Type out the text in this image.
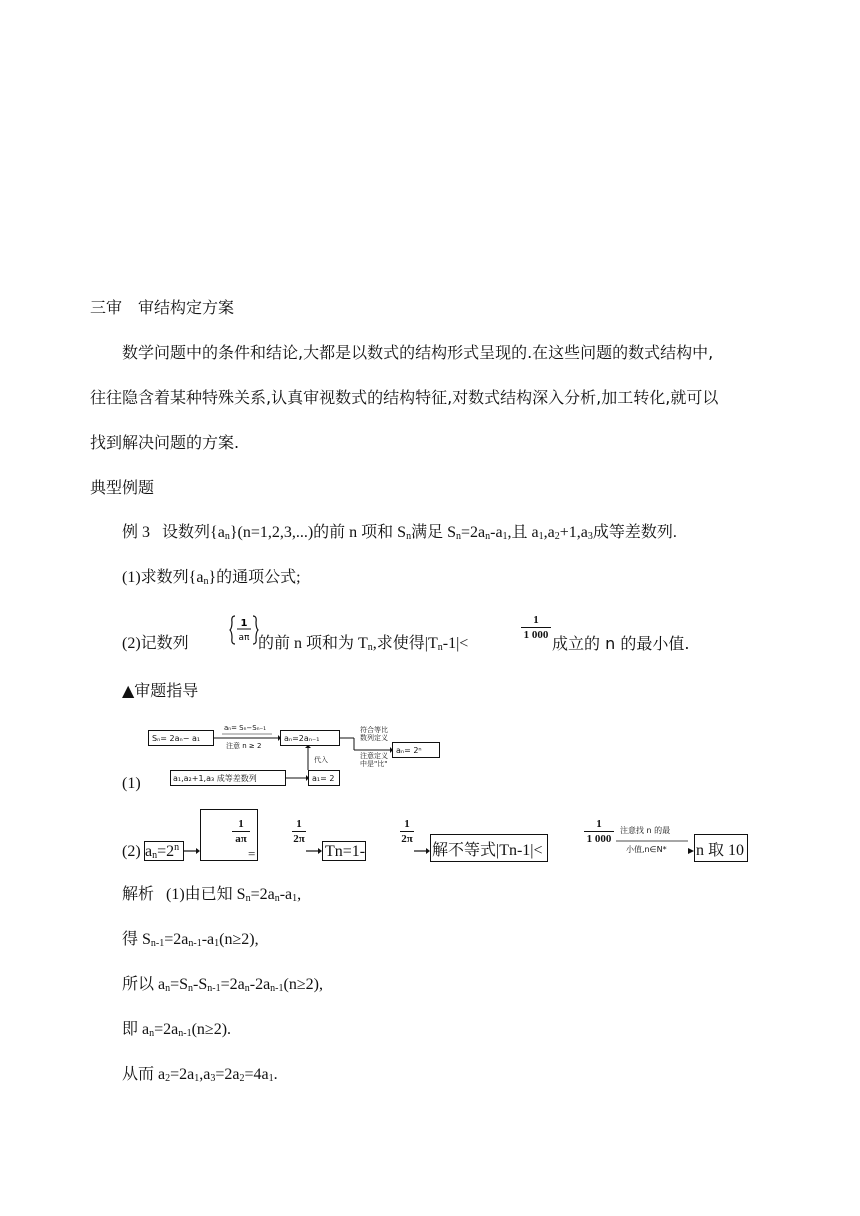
三审　审结构定方案
数学问题中的条件和结论,大都是以数式的结构形式呈现的.在这些问题的数式结构中,
往往隐含着某种特殊关系,认真审视数式的结构特征,对数式结构深入分析,加工转化,就可以
找到解决问题的方案.
典型例题
例 3 设数列$\{a_n\}(n=1,2,3,...)$的前 n 项和 $S_n$满足 $S_n=2a_n-a_1$,且 $a_1,a_2+1,a_3$成等差数列.
(1)求数列$\{a_n\}$的通项公式;
(2)记数列
1
aπ 的前 n 项和为 $T_n$,求使得$|T_n-1|<$
1
1 000 成立的 n 的最小值.
▲审题指导
(1)
Sₙ= 2aₙ− a₁
aₙ= Sₙ−Sₙ₋₁
注意 n ≥ 2
aₙ=2aₙ₋₁
符合等比
数列定义
注意定义
中是"比"
aₙ= 2ⁿ
a₁,a₂+1,a₃ 成等差数列
代入
a₁= 2
(2) $a_n=2^n$
1
aπ
=
1
2π
Tn=1-
1
2π
解不等式|Tn-1|<
1
1 000
注意找 n 的最
小值,n∈N* n 取 10
解析 (1)由已知 $S_n=2a_n-a_1$,
得 $S_{n-1}=2a_{n-1}-a_1(n\ge 2)$,
所以 $a_n=S_n-S_{n-1}=2a_n-2a_{n-1}(n\ge 2)$,
即 $a_n=2a_{n-1}(n\ge 2)$.
从而 $a_2=2a_1,a_3=2a_2=4a_1$.
